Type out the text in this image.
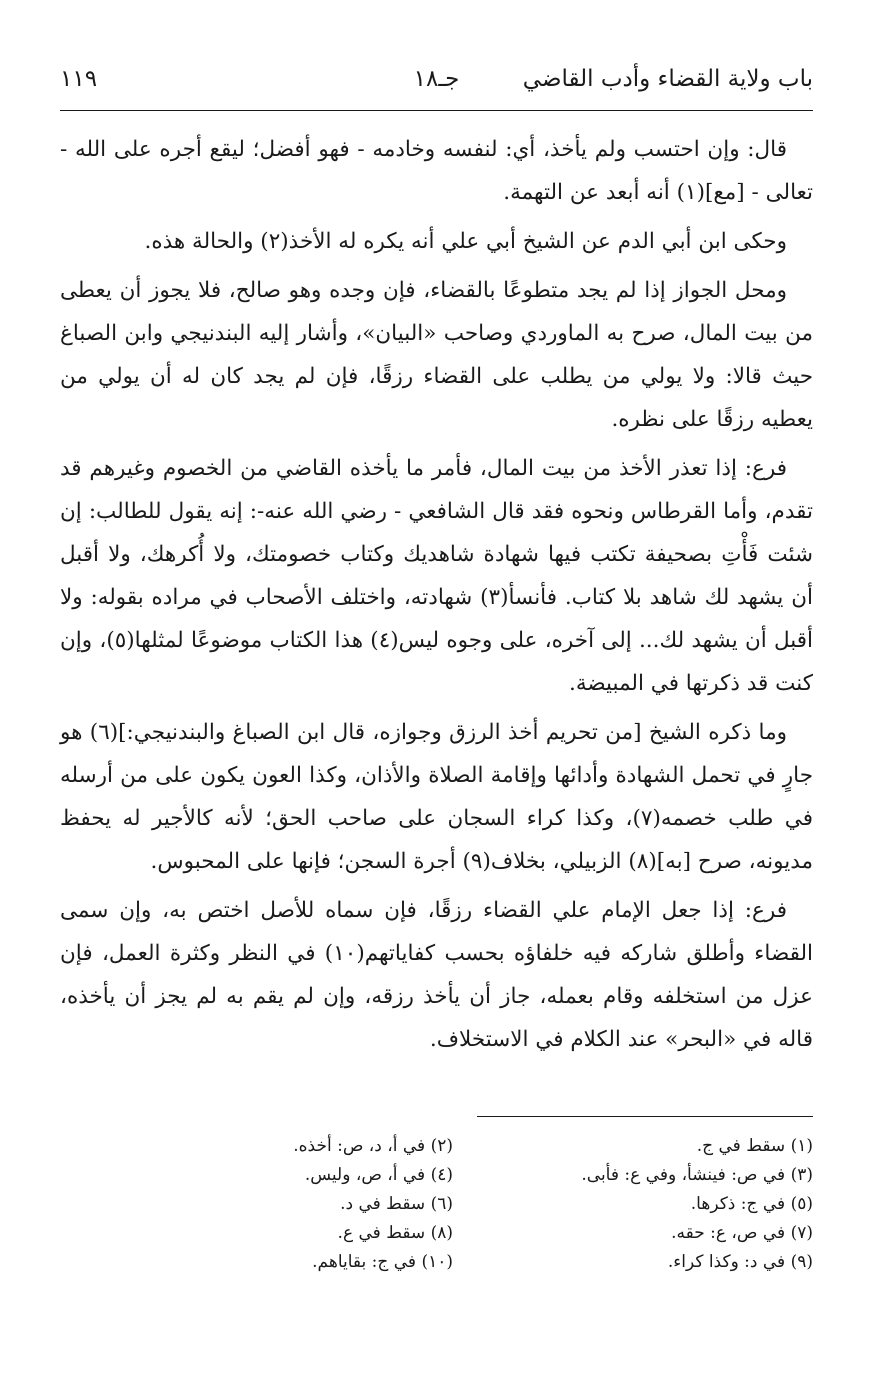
باب ولاية القضاء وأدب القاضي
جـ١٨
١١٩

قال: وإن احتسب ولم يأخذ، أي: لنفسه وخادمه - فهو أفضل؛ ليقع أجره على الله - تعالى - [مع](١) أنه أبعد عن التهمة.

وحكى ابن أبي الدم عن الشيخ أبي علي أنه يكره له الأخذ(٢) والحالة هذه.

ومحل الجواز إذا لم يجد متطوعًا بالقضاء، فإن وجده وهو صالح، فلا يجوز أن يعطى من بيت المال، صرح به الماوردي وصاحب «البيان»، وأشار إليه البندنيجي وابن الصباغ حيث قالا: ولا يولي من يطلب على القضاء رزقًا، فإن لم يجد كان له أن يولي من يعطيه رزقًا على نظره.

فرع: إذا تعذر الأخذ من بيت المال، فأمر ما يأخذه القاضي من الخصوم وغيرهم قد تقدم، وأما القرطاس ونحوه فقد قال الشافعي - رضي الله عنه-: إنه يقول للطالب: إن شئت فَأْتِ بصحيفة تكتب فيها شهادة شاهديك وكتاب خصومتك، ولا أُكرهك، ولا أقبل أن يشهد لك شاهد بلا كتاب. فأنسأ(٣) شهادته، واختلف الأصحاب في مراده بقوله: ولا أقبل أن يشهد لك... إلى آخره، على وجوه ليس(٤) هذا الكتاب موضوعًا لمثلها(٥)، وإن كنت قد ذكرتها في المبيضة.

وما ذكره الشيخ [من تحريم أخذ الرزق وجوازه، قال ابن الصباغ والبندنيجي:](٦) هو جارٍ في تحمل الشهادة وأدائها وإقامة الصلاة والأذان، وكذا العون يكون على من أرسله في طلب خصمه(٧)، وكذا كراء السجان على صاحب الحق؛ لأنه كالأجير له يحفظ مديونه، صرح [به](٨) الزبيلي، بخلاف(٩) أجرة السجن؛ فإنها على المحبوس.

فرع: إذا جعل الإمام علي القضاء رزقًا، فإن سماه للأصل اختص به، وإن سمى القضاء وأطلق شاركه فيه خلفاؤه بحسب كفاياتهم(١٠) في النظر وكثرة العمل، فإن عزل من استخلفه وقام بعمله، جاز أن يأخذ رزقه، وإن لم يقم به لم يجز أن يأخذه، قاله في «البحر» عند الكلام في الاستخلاف.

(١) سقط في ج.
(٣) في ص: فينشأ، وفي ع: فأبى.
(٥) في ج: ذكرها.
(٧) في ص، ع: حقه.
(٩) في د: وكذا كراء.
(٢) في أ، د، ص: أخذه.
(٤) في أ، ص، وليس.
(٦) سقط في د.
(٨) سقط في ع.
(١٠) في ج: بقاياهم.
